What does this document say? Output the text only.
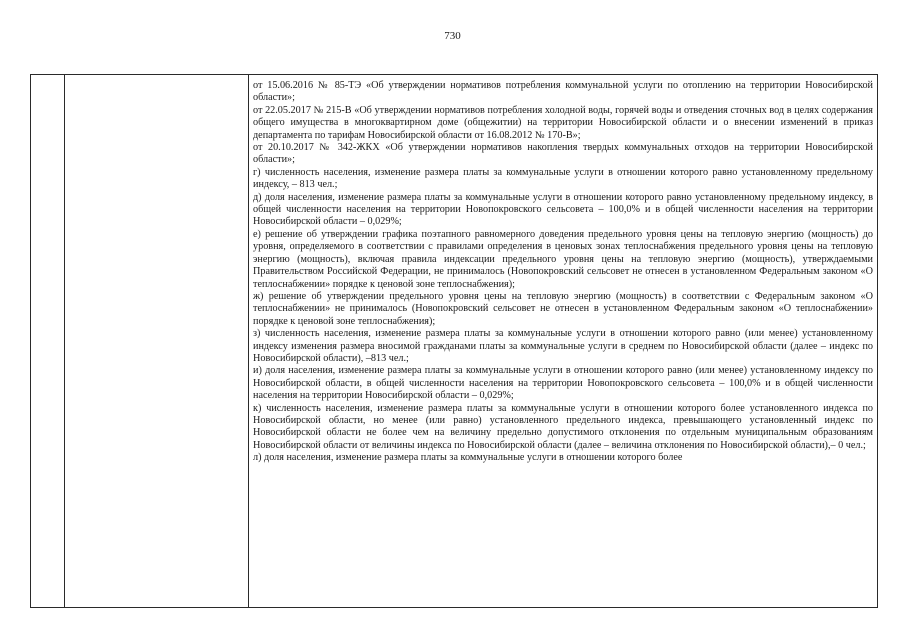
730

от 15.06.2016 № 85-ТЭ «Об утверждении нормативов потребления коммунальной услуги по отоплению на территории Новосибирской области»;

от 22.05.2017 № 215-В «Об утверждении нормативов потребления холодной воды, горячей воды и отведения сточных вод в целях содержания общего имущества в многоквартирном доме (общежитии) на территории Новосибирской области и о внесении изменений в приказ департамента по тарифам Новосибирской области от 16.08.2012 № 170-В»;

от 20.10.2017 № 342-ЖКХ «Об утверждении нормативов накопления твердых коммунальных отходов на территории Новосибирской области»;

г) численность населения, изменение размера платы за коммунальные услуги в отношении которого равно установленному предельному индексу, – 813 чел.;

д) доля населения, изменение размера платы за коммунальные услуги в отношении которого равно установленному предельному индексу, в общей численности населения на территории Новопокровского сельсовета – 100,0% и в общей численности населения на территории Новосибирской области – 0,029%;

е) решение об утверждении графика поэтапного равномерного доведения предельного уровня цены на тепловую энергию (мощность) до уровня, определяемого в соответствии с правилами определения в ценовых зонах теплоснабжения предельного уровня цены на тепловую энергию (мощность), включая правила индексации предельного уровня цены на тепловую энергию (мощность), утверждаемыми Правительством Российской Федерации, не принималось (Новопокровский сельсовет не отнесен в установленном Федеральным законом «О теплоснабжении» порядке к ценовой зоне теплоснабжения);

ж) решение об утверждении предельного уровня цены на тепловую энергию (мощность) в соответствии с Федеральным законом «О теплоснабжении» не принималось (Новопокровский сельсовет не отнесен в установленном Федеральным законом «О теплоснабжении» порядке к ценовой зоне теплоснабжения);

з) численность населения, изменение размера платы за коммунальные услуги в отношении которого равно (или менее) установленному индексу изменения размера вносимой гражданами платы за коммунальные услуги в среднем по Новосибирской области (далее – индекс по Новосибирской области), –813 чел.;

и) доля населения, изменение размера платы за коммунальные услуги в отношении которого равно (или менее) установленному индексу по Новосибирской области, в общей численности населения на территории Новопокровского сельсовета – 100,0% и в общей численности населения на территории Новосибирской области – 0,029%;

к) численность населения, изменение размера платы за коммунальные услуги в отношении которого более установленного индекса по Новосибирской области, но менее (или равно) установленного предельного индекса, превышающего установленный индекс по Новосибирской области не более чем на величину предельно допустимого отклонения по отдельным муниципальным образованиям Новосибирской области от величины индекса по Новосибирской области (далее – величина отклонения по Новосибирской области),– 0 чел.;

л) доля населения, изменение размера платы за коммунальные услуги в отношении которого более
